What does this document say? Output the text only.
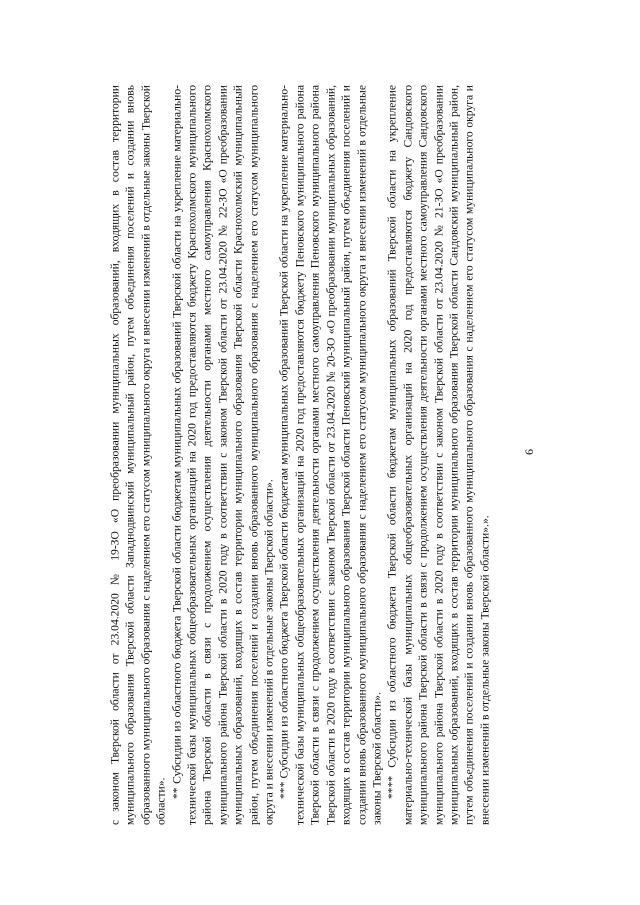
6

с законом Тверской области от 23.04.2020 № 19-ЗО «О преобразовании муниципальных образований, входящих в состав территории муниципального образования Тверской области Западнодвинский муниципальный район, путем объединения поселений и создании вновь образованного муниципального образования с наделением его статусом муниципального округа и внесении изменений в отдельные законы Тверской области».

** Субсидии из областного бюджета Тверской области бюджетам муниципальных образований Тверской области на укрепление материально-технической базы муниципальных общеобразовательных организаций на 2020 год предоставляются бюджету Краснохолмского муниципального района Тверской области в связи с продолжением осуществления деятельности органами местного самоуправления Краснохолмского муниципального района Тверской области в 2020 году в соответствии с законом Тверской области от 23.04.2020 № 22-ЗО «О преобразовании муниципальных образований, входящих в состав территории муниципального образования Тверской области Краснохолмский муниципальный район, путем объединения поселений и создании вновь образованного муниципального образования с наделением его статусом муниципального округа и внесении изменений в отдельные законы Тверской области». *** Субсидии из областного бюджета Тверской области бюджетам муниципальных образований Тверской области на укрепление материально-технической базы муниципальных общеобразовательных организаций на 2020 год предоставляются бюджету Пеновского муниципального района Тверской области в связи с продолжением осуществления деятельности органами местного самоуправления Пеновского муниципального района Тверской области в 2020 году в соответствии с законом Тверской области от 23.04.2020 № 20-ЗО «О преобразовании муниципальных образований, входящих в состав территории муниципального образования Тверской области Пеновский муниципальный район, путем объединения поселений и создании вновь образованного муниципального образования с наделением его статусом муниципального округа и внесении изменений в отдельные законы Тверской области». **** Субсидии из областного бюджета Тверской области бюджетам муниципальных образований Тверской области на укрепление материально-технической базы муниципальных общеобразовательных организаций на 2020 год предоставляются бюджету Сандовского муниципального района Тверской области в связи с продолжением осуществления деятельности органами местного самоуправления Сандовского муниципального района Тверской области в 2020 году в соответствии с законом Тверской области от 23.04.2020 № 21-ЗО «О преобразовании муниципальных образований, входящих в состав территории муниципального образования Тверской области Сандовский муниципальный район, путем объединения поселений и создании вновь образованного муниципального образования с наделением его статусом муниципального округа и внесении изменений в отдельные законы Тверской области».».
